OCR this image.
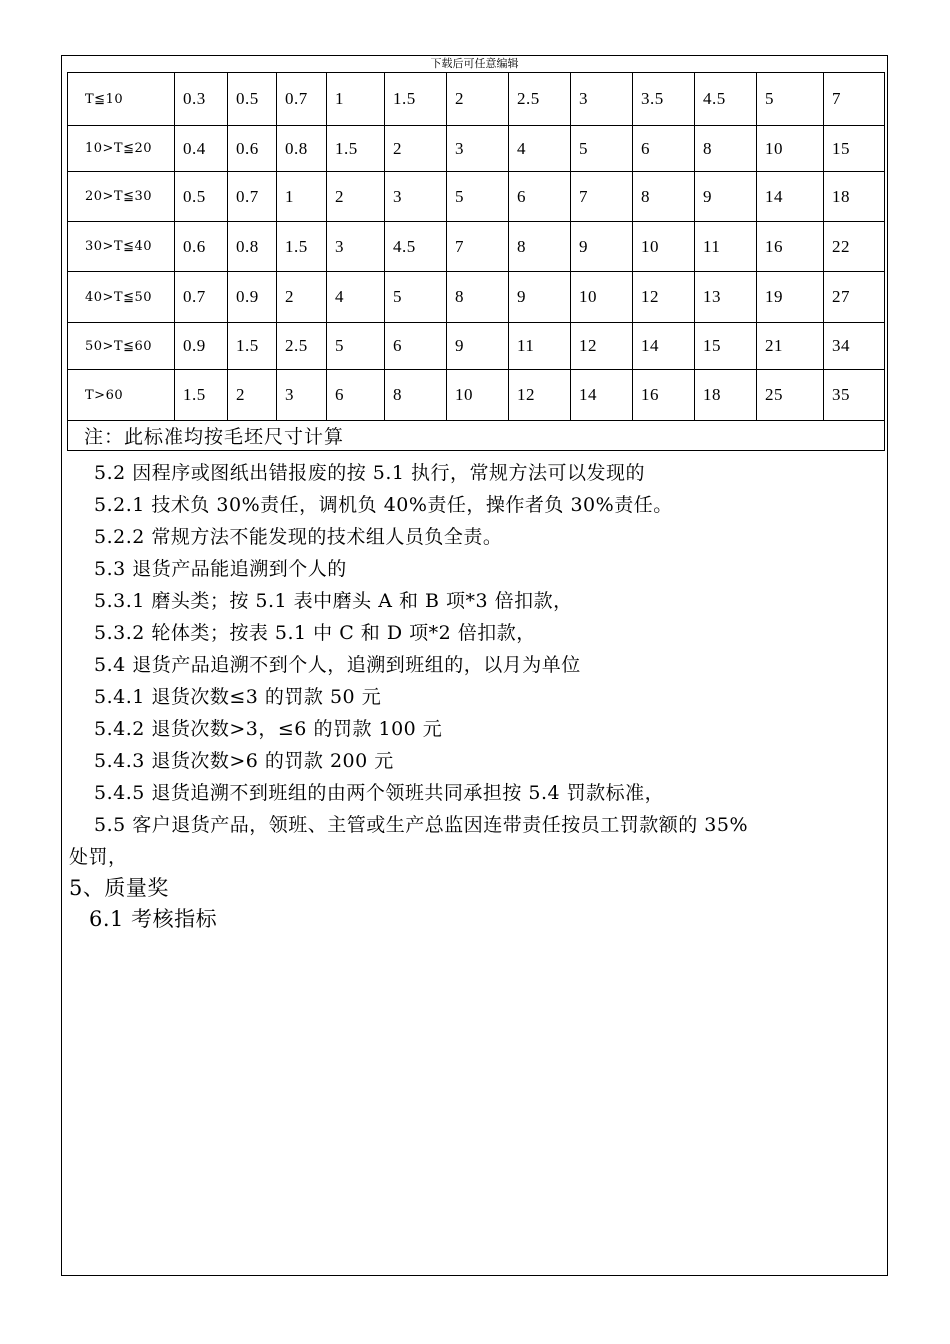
下载后可任意编辑
T≦10	0.3	0.5	0.7	1	1.5	2	2.5	3	3.5	4.5	5	7
10>T≦20	0.4	0.6	0.8	1.5	2	3	4	5	6	8	10	15
20>T≦30	0.5	0.7	1	2	3	5	6	7	8	9	14	18
30>T≦40	0.6	0.8	1.5	3	4.5	7	8	9	10	11	16	22
40>T≦50	0.7	0.9	2	4	5	8	9	10	12	13	19	27
50>T≦60	0.9	1.5	2.5	5	6	9	11	12	14	15	21	34
T>60	1.5	2	3	6	8	10	12	14	16	18	25	35
注：此标准均按毛坯尺寸计算												
5.2 因程序或图纸出错报废的按 5.1 执行，常规方法可以发现的
5.2.1 技术负 30%责任，调机负 40%责任，操作者负 30%责任。
5.2.2 常规方法不能发现的技术组人员负全责。
5.3 退货产品能追溯到个人的
5.3.1 磨头类；按 5.1 表中磨头 A 和 B 项*3 倍扣款，
5.3.2 轮体类；按表 5.1 中 C 和 D 项*2 倍扣款，
5.4 退货产品追溯不到个人，追溯到班组的，以月为单位
5.4.1 退货次数≤3 的罚款 50 元
5.4.2 退货次数>3，≤6 的罚款 100 元
5.4.3 退货次数>6 的罚款 200 元
5.4.5 退货追溯不到班组的由两个领班共同承担按 5.4 罚款标准，
5.5 客户退货产品，领班、主管或生产总监因连带责任按员工罚款额的 35%
处罚，
5、质量奖
6.1 考核指标
